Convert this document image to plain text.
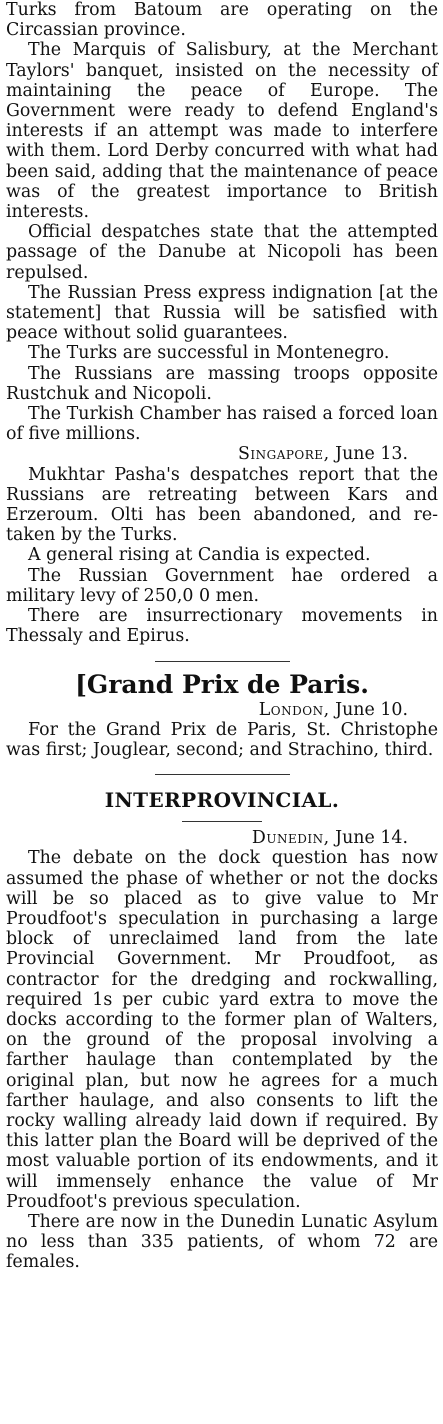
Turks from Batoum are operating on the Circassian province.

The Marquis of Salisbury, at the Merchant Taylors' banquet, insisted on the necessity of maintaining the peace of Europe. The Government were ready to defend England's interests if an attempt was made to interfere with them. Lord Derby concurred with what had been said, adding that the maintenance of peace was of the greatest importance to British interests.

Official despatches state that the attempted passage of the Danube at Nicopoli has been repulsed.

The Russian Press express indignation [at the statement] that Russia will be satisfied with peace without solid guarantees.

The Turks are successful in Montenegro.

The Russians are massing troops opposite Rustchuk and Nicopoli.

The Turkish Chamber has raised a forced loan of five millions.

Singapore, June 13.

Mukhtar Pasha's despatches report that the Russians are retreating between Kars and Erzeroum. Olti has been abandoned, and re-taken by the Turks.

A general rising at Candia is expected.

The Russian Government hae ordered a military levy of 250,0 0 men.

There are insurrectionary movements in Thessaly and Epirus.

[Grand Prix de Paris.

London, June 10.

For the Grand Prix de Paris, St. Christophe was first; Jouglear, second; and Strachino, third.

INTERPROVINCIAL.

Dunedin, June 14.

The debate on the dock question has now assumed the phase of whether or not the docks will be so placed as to give value to Mr Proudfoot's speculation in purchasing a large block of unreclaimed land from the late Provincial Government. Mr Proudfoot, as contractor for the dredging and rockwalling, required 1s per cubic yard extra to move the docks according to the former plan of Walters, on the ground of the proposal involving a farther haulage than contemplated by the original plan, but now he agrees for a much farther haulage, and also consents to lift the rocky walling already laid down if required. By this latter plan the Board will be deprived of the most valuable portion of its endowments, and it will immensely enhance the value of Mr Proudfoot's previous speculation.

There are now in the Dunedin Lunatic Asylum no less than 335 patients, of whom 72 are females.
